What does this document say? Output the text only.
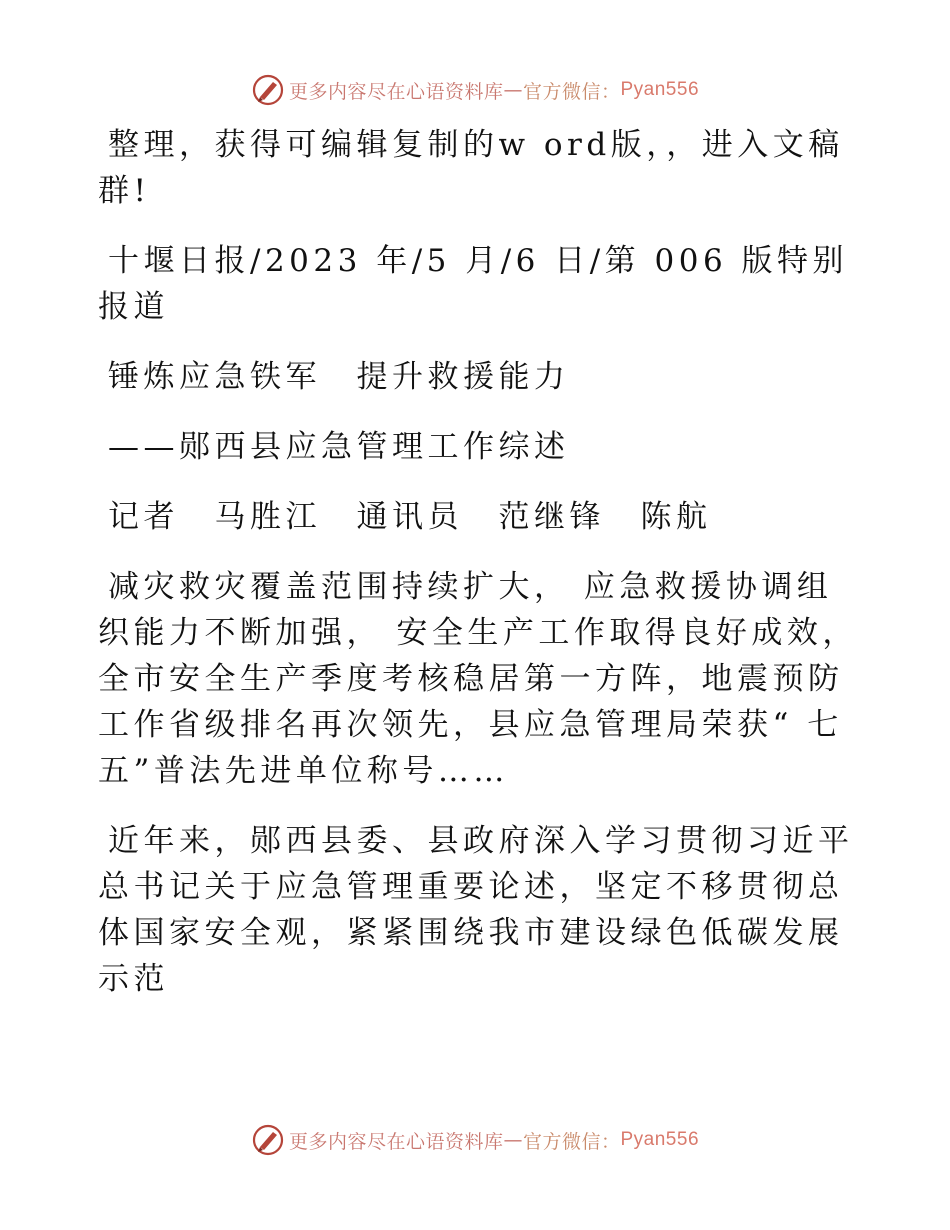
更多内容尽在心语资料库 — 官方微信： Pyan556

整理，获得可编辑复制的w ord版，，进入文稿群!

十堰日报/2023 年/5 月/6 日/第 006 版特别报道

锤炼应急铁军　提升救援能力

——郧西县应急管理工作综述

记者　马胜江　通讯员　范继锋　陈航

减灾救灾覆盖范围持续扩大， 应急救援协调组织能力不断加强， 安全生产工作取得良好成效，全市安全生产季度考核稳居第一方阵，地震预防工作省级排名再次领先，县应急管理局荣获“ 七五”普法先进单位称号……

近年来，郧西县委、县政府深入学习贯彻习近平总书记关于应急管理重要论述，坚定不移贯彻总体国家安全观，紧紧围绕我市建设绿色低碳发展示范

更多内容尽在心语资料库 — 官方微信： Pyan556
